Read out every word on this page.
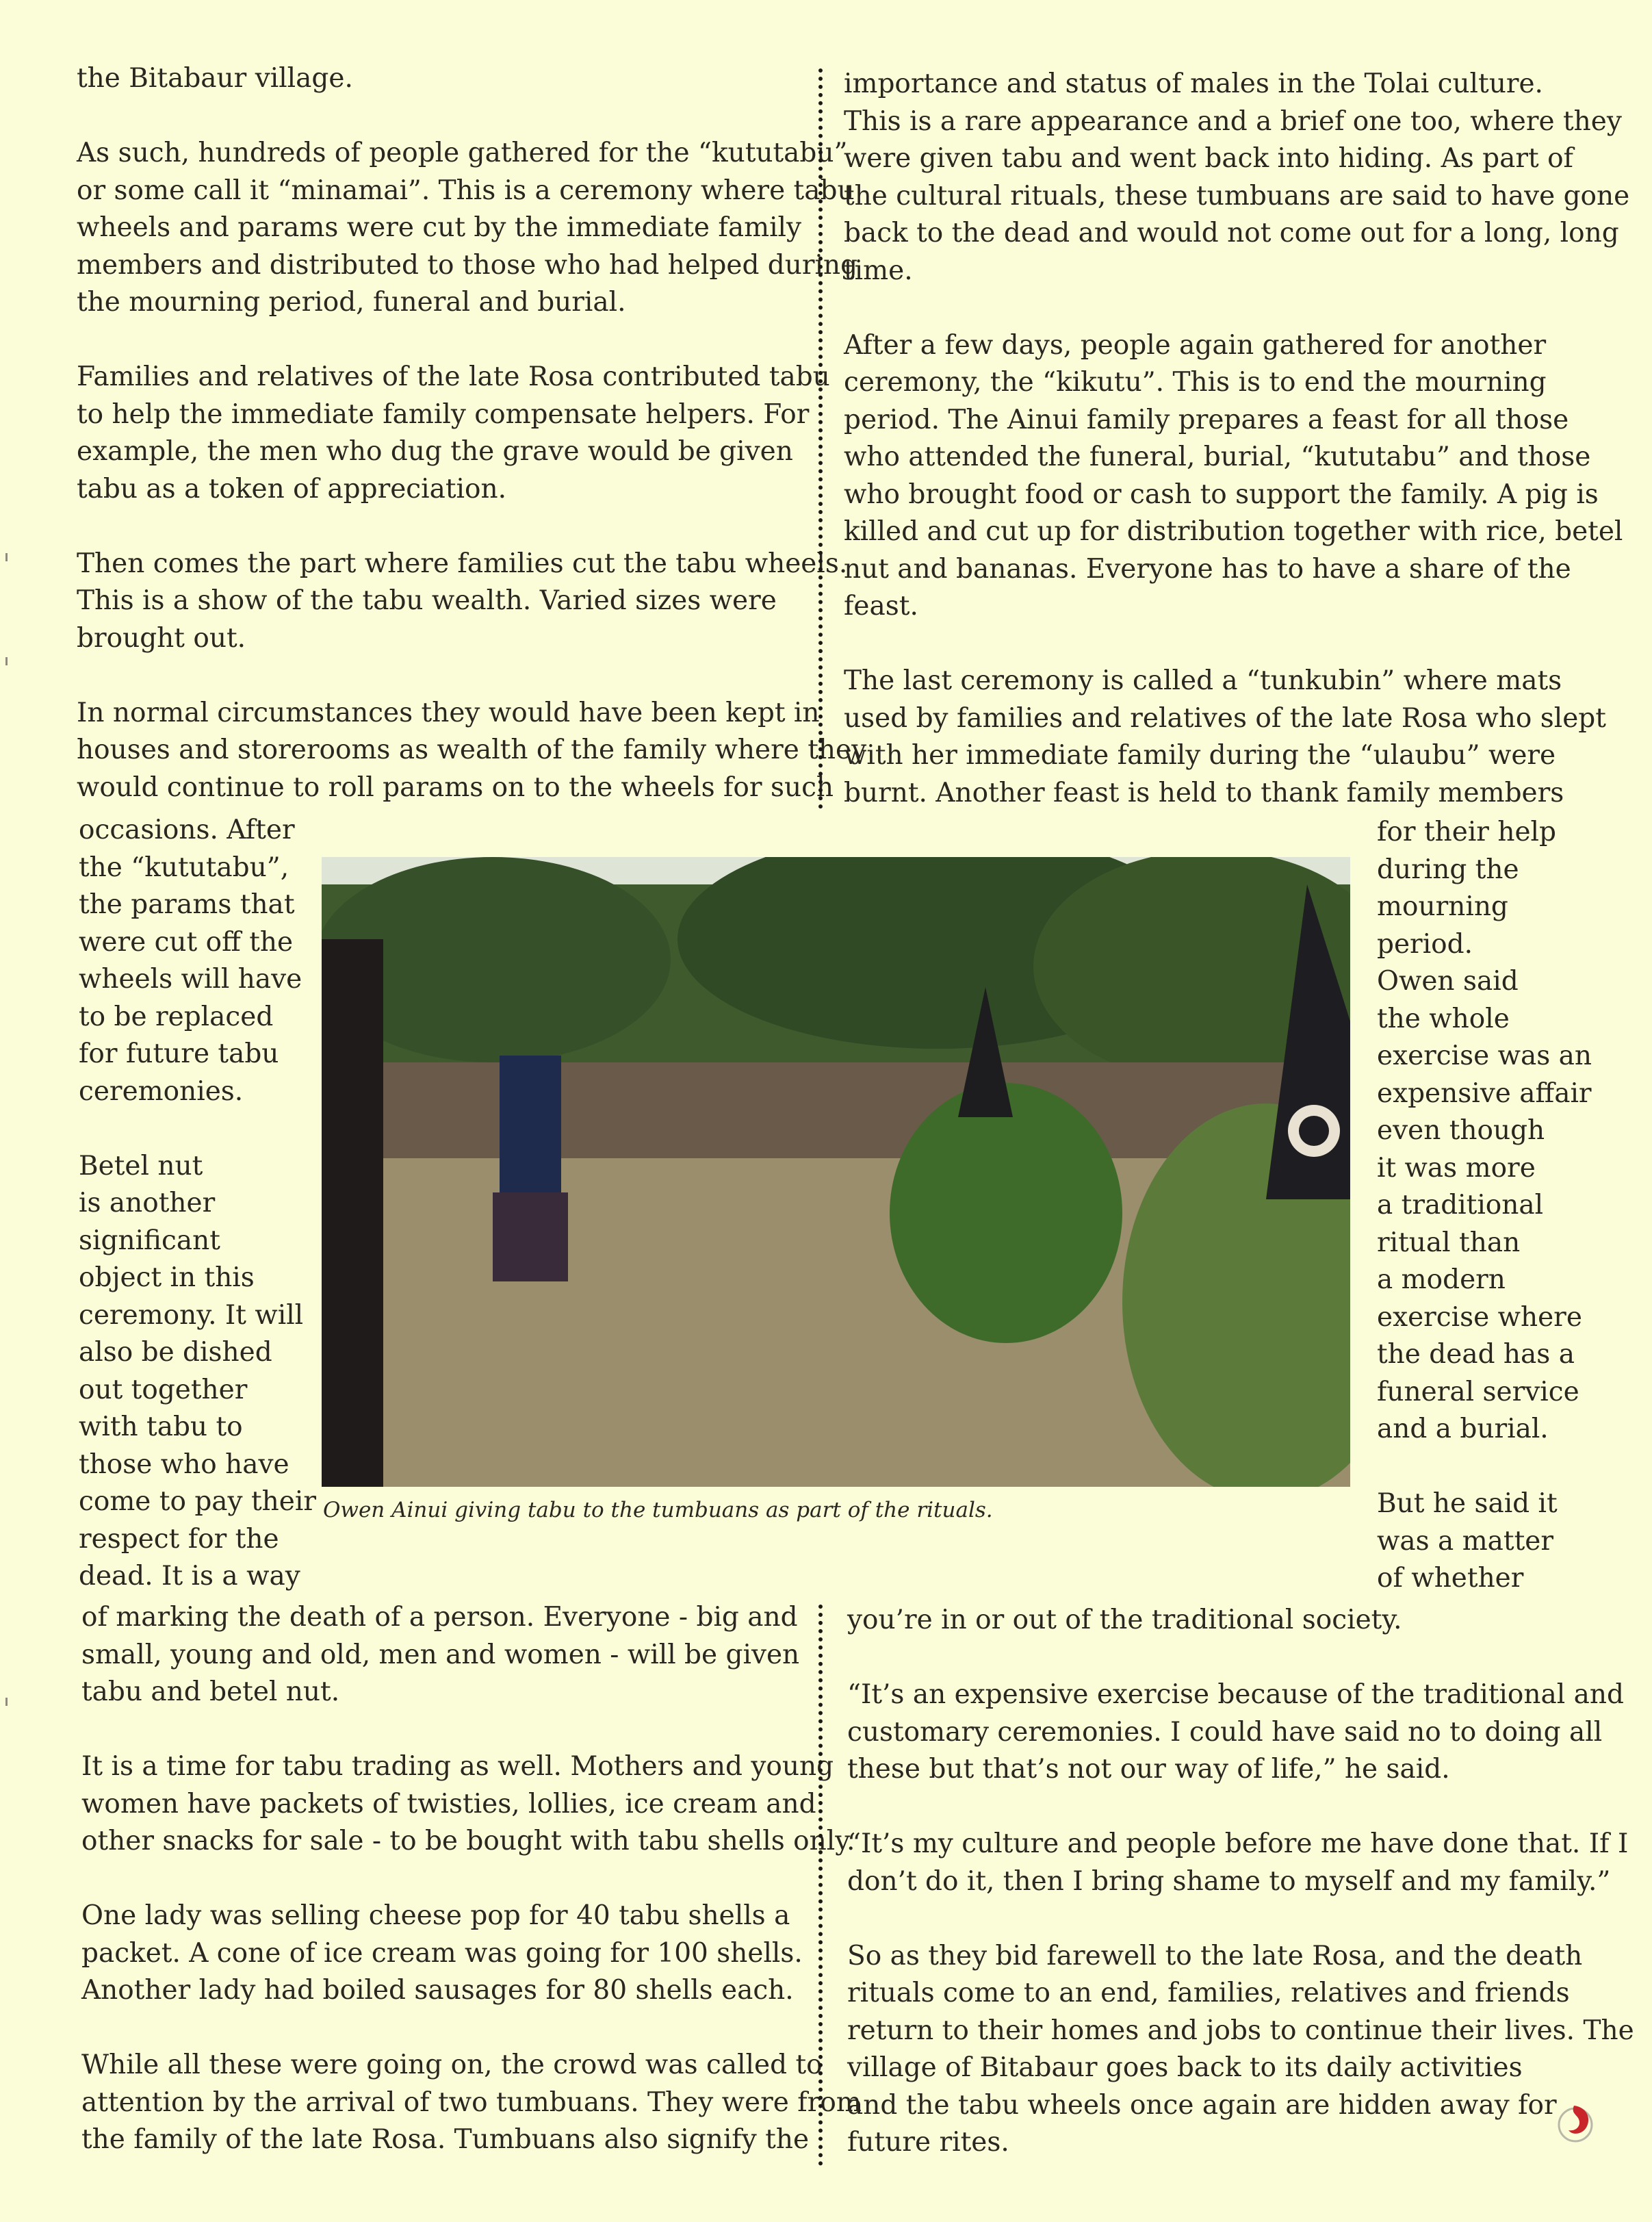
the Bitabaur village.

As such, hundreds of people gathered for the “kututabu”
or some call it “minamai”. This is a ceremony where tabu
wheels and params were cut by the immediate family
members and distributed to those who had helped during
the mourning period, funeral and burial.

Families and relatives of the late Rosa contributed tabu
to help the immediate family compensate helpers. For
example, the men who dug the grave would be given
tabu as a token of appreciation.

Then comes the part where families cut the tabu wheels.
This is a show of the tabu wealth. Varied sizes were
brought out.

In normal circumstances they would have been kept in
houses and storerooms as wealth of the family where they
would continue to roll params on to the wheels for such
occasions. After
the “kututabu”,
the params that
were cut off the
wheels will have
to be replaced
for future tabu
ceremonies.

Betel nut
is another
significant
object in this
ceremony. It will
also be dished
out together
with tabu to
those who have
come to pay their
respect for the
dead. It is a way
of marking the death of a person. Everyone - big and
small, young and old, men and women - will be given
tabu and betel nut.

It is a time for tabu trading as well. Mothers and young
women have packets of twisties, lollies, ice cream and
other snacks for sale - to be bought with tabu shells only.

One lady was selling cheese pop for 40 tabu shells a
packet. A cone of ice cream was going for 100 shells.
Another lady had boiled sausages for 80 shells each.

While all these were going on, the crowd was called to
attention by the arrival of two tumbuans. They were from
the family of the late Rosa. Tumbuans also signify the
importance and status of males in the Tolai culture.
This is a rare appearance and a brief one too, where they
were given tabu and went back into hiding. As part of
the cultural rituals, these tumbuans are said to have gone
back to the dead and would not come out for a long, long
time.

After a few days, people again gathered for another
ceremony, the “kikutu”. This is to end the mourning
period. The Ainui family prepares a feast for all those
who attended the funeral, burial, “kututabu” and those
who brought food or cash to support the family. A pig is
killed and cut up for distribution together with rice, betel
nut and bananas. Everyone has to have a share of the
feast.

The last ceremony is called a “tunkubin” where mats
used by families and relatives of the late Rosa who slept
with her immediate family during the “ulaubu” were
burnt. Another feast is held to thank family members
for their help
during the
mourning
period.
Owen said
the whole
exercise was an
expensive affair
even though
it was more
a traditional
ritual than
a modern
exercise where
the dead has a
funeral service
and a burial.

But he said it
was a matter
of whether
you’re in or out of the traditional society.

“It’s an expensive exercise because of the traditional and
customary ceremonies. I could have said no to doing all
these but that’s not our way of life,” he said.

“It’s my culture and people before me have done that. If I
don’t do it, then I bring shame to myself and my family.”

So as they bid farewell to the late Rosa, and the death
rituals come to an end, families, relatives and friends
return to their homes and jobs to continue their lives. The
village of Bitabaur goes back to its daily activities
and the tabu wheels once again are hidden away for
future rites.
Owen Ainui giving tabu to the tumbuans as part of the rituals.
